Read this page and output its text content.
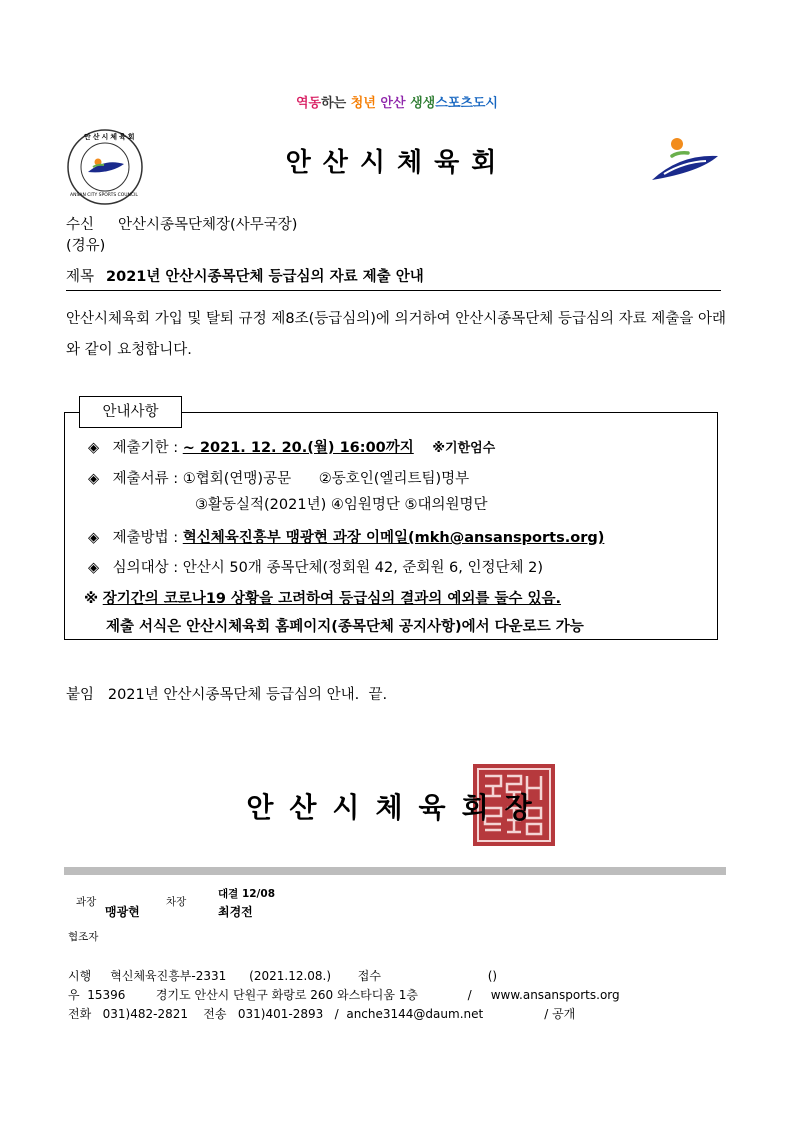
역동하는 청년 안산 생생스포츠도시
안산시체육회
ANSAN CITY SPORTS COUNCIL
안산시체육회
수신 안산시종목단체장(사무국장)
(경유)
제목 2021년 안산시종목단체 등급심의 자료 제출 안내
안산시체육회 가입 및 탈퇴 규정 제8조(등급심의)에 의거하여 안산시종목단체 등급심의 자료 제출을 아래와 같이 요청합니다.
안내사항
◈ 제출기한 : ~ 2021. 12. 20.(월) 16:00까지 ※기한엄수
◈ 제출서류 : ①협회(연맹)공문      ②동호인(엘리트팀)명부
③활동실적(2021년) ④임원명단 ⑤대의원명단
◈ 제출방법 : 혁신체육진흥부 맹광현 과장 이메일(mkh@ansansports.org)
◈ 심의대상 : 안산시 50개 종목단체(정회원 42, 준회원 6, 인정단체 2)
※ 장기간의 코로나19 상황을 고려하여 등급심의 결과의 예외를 둘수 있음.
제출 서식은 안산시체육회 홈페이지(종목단체 공지사항)에서 다운로드 가능
붙임   2021년 안산시종목단체 등급심의 안내.  끝.
안산시체육회장
과장
맹광현
차장
대결 12/08
최경전
협조자
시행     혁신체육진흥부-2331      (2021.12.08.)       접수                            ()
우  15396        경기도 안산시 단원구 화랑로 260 와스타디움 1층             /     www.ansansports.org
전화   031)482-2821    전송   031)401-2893   /  anche3144@daum.net                / 공개
